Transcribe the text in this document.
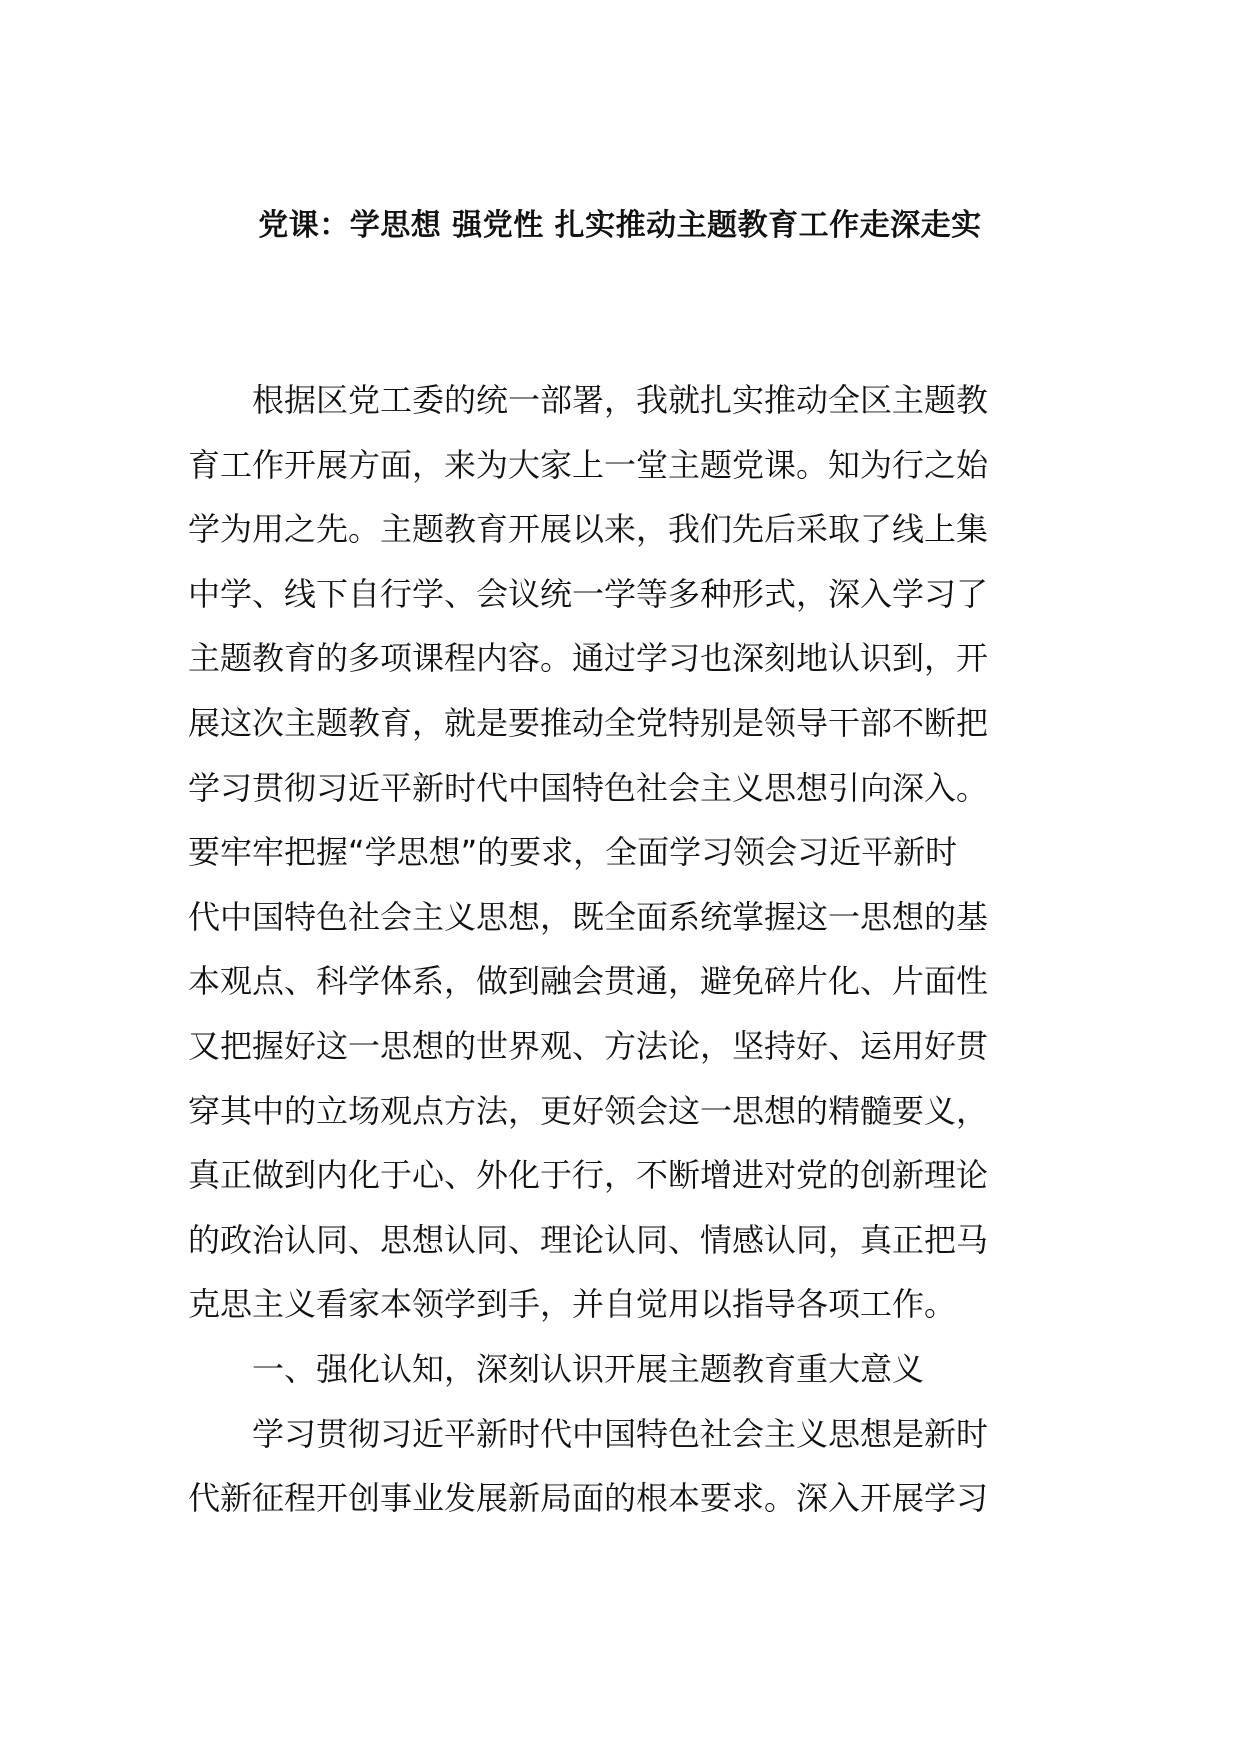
党课：学思想 强党性 扎实推动主题教育工作走深走实
根据区党工委的统一部署，我就扎实推动全区主题教
育工作开展方面，来为大家上一堂主题党课。知为行之始
学为用之先。主题教育开展以来，我们先后采取了线上集
中学、线下自行学、会议统一学等多种形式，深入学习了
主题教育的多项课程内容。通过学习也深刻地认识到，开
展这次主题教育，就是要推动全党特别是领导干部不断把
学习贯彻习近平新时代中国特色社会主义思想引向深入。
要牢牢把握“学思想”的要求，全面学习领会习近平新时
代中国特色社会主义思想，既全面系统掌握这一思想的基
本观点、科学体系，做到融会贯通，避免碎片化、片面性
又把握好这一思想的世界观、方法论，坚持好、运用好贯
穿其中的立场观点方法，更好领会这一思想的精髓要义，
真正做到内化于心、外化于行，不断增进对党的创新理论
的政治认同、思想认同、理论认同、情感认同，真正把马
克思主义看家本领学到手，并自觉用以指导各项工作。
一、强化认知，深刻认识开展主题教育重大意义
学习贯彻习近平新时代中国特色社会主义思想是新时
代新征程开创事业发展新局面的根本要求。深入开展学习
